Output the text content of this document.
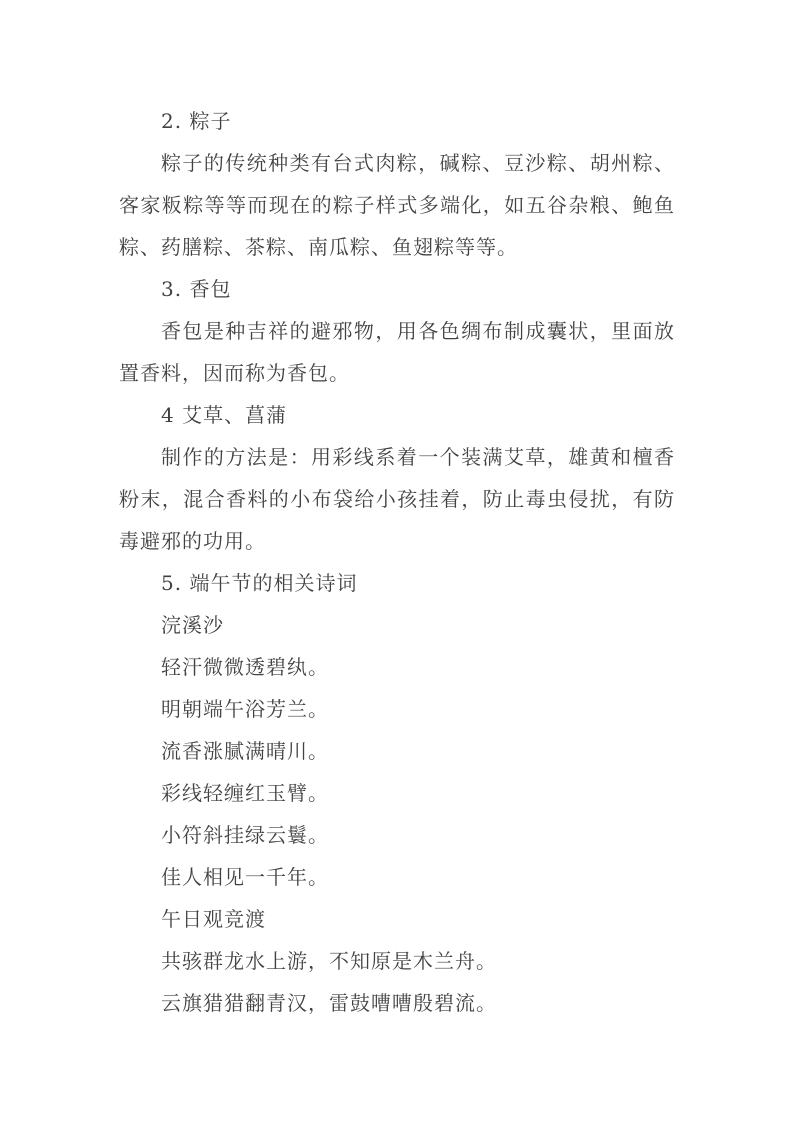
2. 粽子

粽子的传统种类有台式肉粽，碱粽、豆沙粽、胡州粽、

客家粄粽等等而现在的粽子样式多端化，如五谷杂粮、鲍鱼

粽、药膳粽、茶粽、南瓜粽、鱼翅粽等等。

3. 香包

香包是种吉祥的避邪物，用各色绸布制成囊状，里面放

置香料，因而称为香包。

4 艾草、菖蒲

制作的方法是：用彩线系着一个装满艾草，雄黄和檀香

粉末，混合香料的小布袋给小孩挂着，防止毒虫侵扰，有防

毒避邪的功用。

5. 端午节的相关诗词

浣溪沙

轻汗微微透碧纨。

明朝端午浴芳兰。

流香涨腻满晴川。

彩线轻缠红玉臂。

小符斜挂绿云鬟。

佳人相见一千年。

午日观竞渡

共骇群龙水上游，不知原是木兰舟。

云旗猎猎翻青汉，雷鼓嘈嘈殷碧流。
